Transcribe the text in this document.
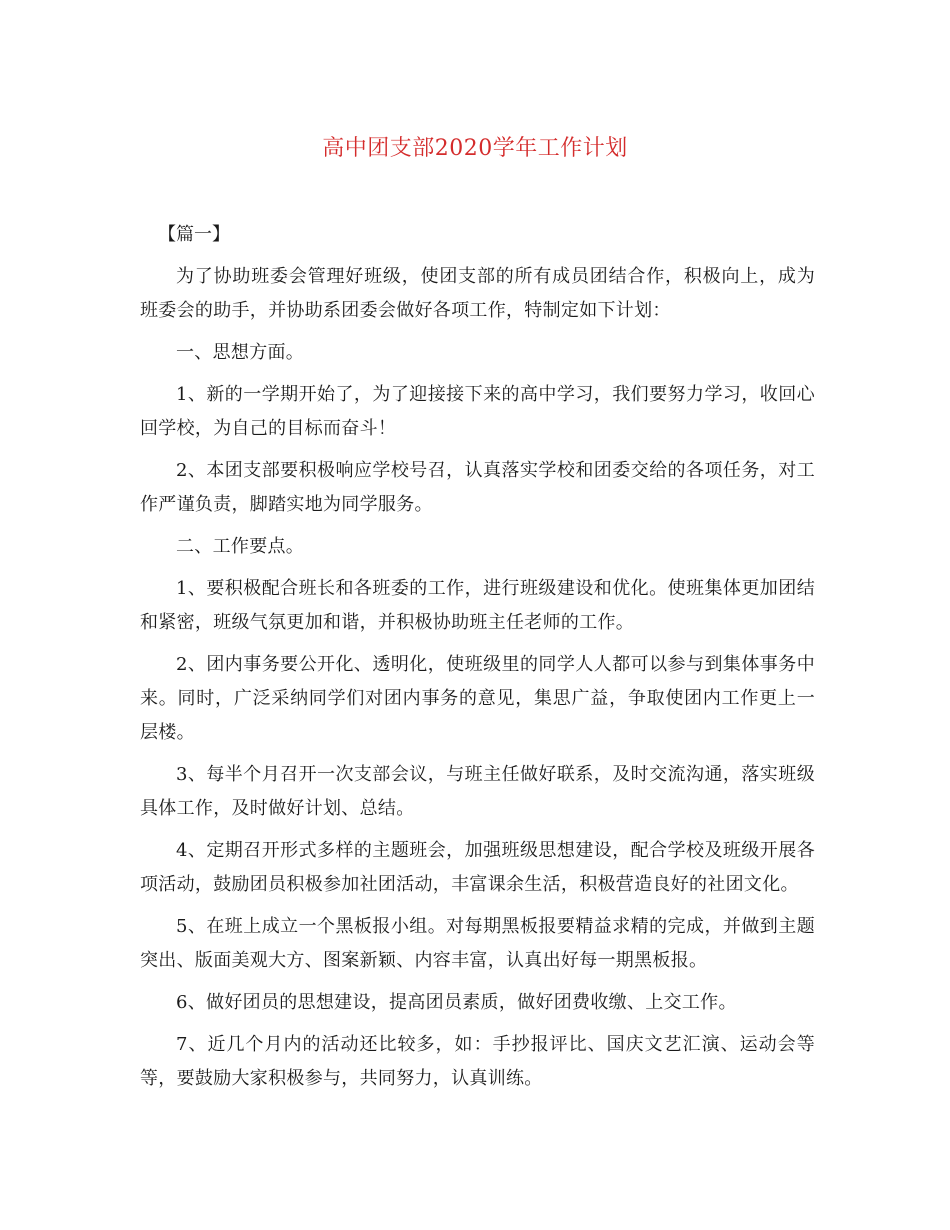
高中团支部2020学年工作计划

【篇一】

为了协助班委会管理好班级，使团支部的所有成员团结合作，积极向上，成为班委会的助手，并协助系团委会做好各项工作，特制定如下计划：

一、思想方面。

1、新的一学期开始了，为了迎接接下来的高中学习，我们要努力学习，收回心回学校，为自己的目标而奋斗！

2、本团支部要积极响应学校号召，认真落实学校和团委交给的各项任务，对工作严谨负责，脚踏实地为同学服务。

二、工作要点。

1、要积极配合班长和各班委的工作，进行班级建设和优化。使班集体更加团结和紧密，班级气氛更加和谐，并积极协助班主任老师的工作。

2、团内事务要公开化、透明化，使班级里的同学人人都可以参与到集体事务中来。同时，广泛采纳同学们对团内事务的意见，集思广益，争取使团内工作更上一层楼。

3、每半个月召开一次支部会议，与班主任做好联系，及时交流沟通，落实班级具体工作，及时做好计划、总结。

4、定期召开形式多样的主题班会，加强班级思想建设，配合学校及班级开展各项活动，鼓励团员积极参加社团活动，丰富课余生活，积极营造良好的社团文化。

5、在班上成立一个黑板报小组。对每期黑板报要精益求精的完成，并做到主题突出、版面美观大方、图案新颖、内容丰富，认真出好每一期黑板报。

6、做好团员的思想建设，提高团员素质，做好团费收缴、上交工作。

7、近几个月内的活动还比较多，如：手抄报评比、国庆文艺汇演、运动会等等，要鼓励大家积极参与，共同努力，认真训练。
